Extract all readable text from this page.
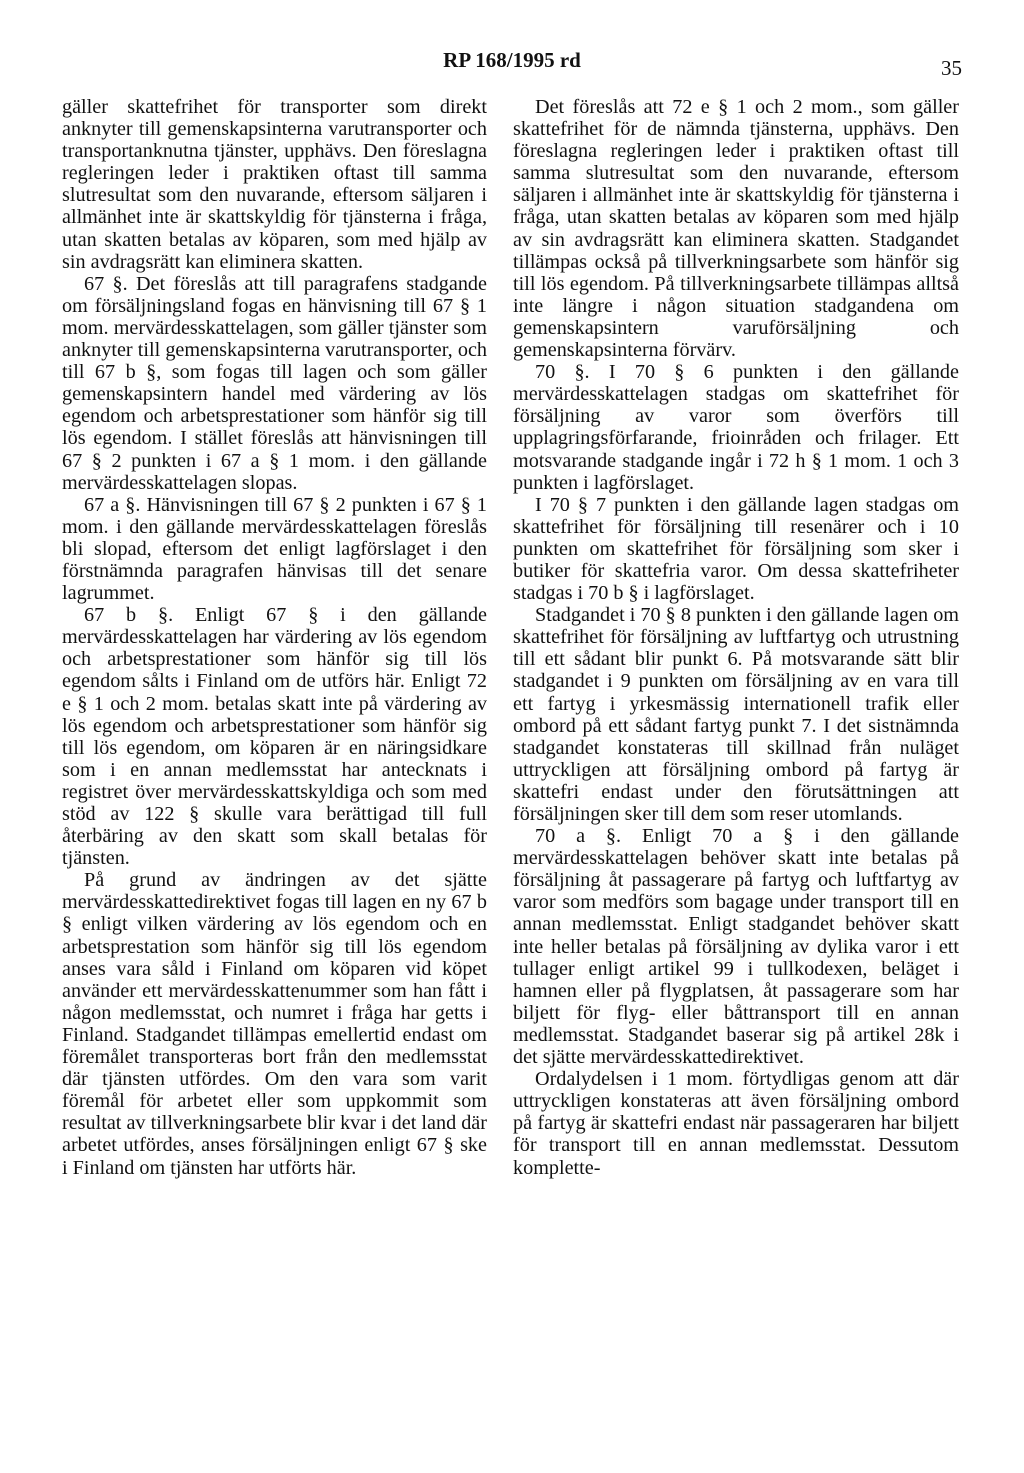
RP 168/1995 rd	35

gäller skattefrihet för transporter som direkt anknyter till gemenskapsinterna varutransporter och transportanknutna tjänster, upphävs. Den föreslagna regleringen leder i praktiken oftast till samma slutresultat som den nuvarande, eftersom säljaren i allmänhet inte är skattskyldig för tjänsterna i fråga, utan skatten betalas av köparen, som med hjälp av sin avdragsrätt kan eliminera skatten.

67 §. Det föreslås att till paragrafens stadgande om försäljningsland fogas en hänvisning till 67 § 1 mom. mervärdesskattelagen, som gäller tjänster som anknyter till gemenskapsinterna varutransporter, och till 67 b §, som fogas till lagen och som gäller gemenskapsintern handel med värdering av lös egendom och arbetsprestationer som hänför sig till lös egendom. I stället föreslås att hänvisningen till 67 § 2 punkten i 67 a § 1 mom. i den gällande mervärdesskattelagen slopas.

67 a §. Hänvisningen till 67 § 2 punkten i 67 § 1 mom. i den gällande mervärdesskattelagen föreslås bli slopad, eftersom det enligt lagförslaget i den förstnämnda paragrafen hänvisas till det senare lagrummet.

67 b §. Enligt 67 § i den gällande mervärdesskattelagen har värdering av lös egendom och arbetsprestationer som hänför sig till lös egendom sålts i Finland om de utförs här. Enligt 72 e § 1 och 2 mom. betalas skatt inte på värdering av lös egendom och arbetsprestationer som hänför sig till lös egendom, om köparen är en näringsidkare som i en annan medlemsstat har antecknats i registret över mervärdesskattskyldiga och som med stöd av 122 § skulle vara berättigad till full återbäring av den skatt som skall betalas för tjänsten.

På grund av ändringen av det sjätte mervärdesskattedirektivet fogas till lagen en ny 67 b § enligt vilken värdering av lös egendom och en arbetsprestation som hänför sig till lös egendom anses vara såld i Finland om köparen vid köpet använder ett mervärdesskattenummer som han fått i någon medlemsstat, och numret i fråga har getts i Finland. Stadgandet tillämpas emellertid endast om föremålet transporteras bort från den medlemsstat där tjänsten utfördes. Om den vara som varit föremål för arbetet eller som uppkommit som resultat av tillverkningsarbete blir kvar i det land där arbetet utfördes, anses försäljningen enligt 67 § ske i Finland om tjänsten har utförts här.

Det föreslås att 72 e § 1 och 2 mom., som gäller skattefrihet för de nämnda tjänsterna, upphävs. Den föreslagna regleringen leder i praktiken oftast till samma slutresultat som den nuvarande, eftersom säljaren i allmänhet inte är skattskyldig för tjänsterna i fråga, utan skatten betalas av köparen som med hjälp av sin avdragsrätt kan eliminera skatten. Stadgandet tillämpas också på tillverkningsarbete som hänför sig till lös egendom. På tillverkningsarbete tillämpas alltså inte längre i någon situation stadgandena om gemenskapsintern varuförsäljning och gemenskapsinterna förvärv.

70 §. I 70 § 6 punkten i den gällande mervärdesskattelagen stadgas om skattefrihet för försäljning av varor som överförs till upplagringsförfarande, frioinråden och frilager. Ett motsvarande stadgande ingår i 72 h § 1 mom. 1 och 3 punkten i lagförslaget.

I 70 § 7 punkten i den gällande lagen stadgas om skattefrihet för försäljning till resenärer och i 10 punkten om skattefrihet för försäljning som sker i butiker för skattefria varor. Om dessa skattefriheter stadgas i 70 b § i lagförslaget.

Stadgandet i 70 § 8 punkten i den gällande lagen om skattefrihet för försäljning av luftfartyg och utrustning till ett sådant blir punkt 6. På motsvarande sätt blir stadgandet i 9 punkten om försäljning av en vara till ett fartyg i yrkesmässig internationell trafik eller ombord på ett sådant fartyg punkt 7. I det sistnämnda stadgandet konstateras till skillnad från nuläget uttryckligen att försäljning ombord på fartyg är skattefri endast under den förutsättningen att försäljningen sker till dem som reser utomlands.

70 a §. Enligt 70 a § i den gällande mervärdesskattelagen behöver skatt inte betalas på försäljning åt passagerare på fartyg och luftfartyg av varor som medförs som bagage under transport till en annan medlemsstat. Enligt stadgandet behöver skatt inte heller betalas på försäljning av dylika varor i ett tullager enligt artikel 99 i tullkodexen, beläget i hamnen eller på flygplatsen, åt passagerare som har biljett för flyg- eller båttransport till en annan medlemsstat. Stadgandet baserar sig på artikel 28k i det sjätte mervärdesskattedirektivet.

Ordalydelsen i 1 mom. förtydligas genom att där uttryckligen konstateras att även försäljning ombord på fartyg är skattefri endast när passageraren har biljett för transport till en annan medlemsstat. Dessutom komplette-
